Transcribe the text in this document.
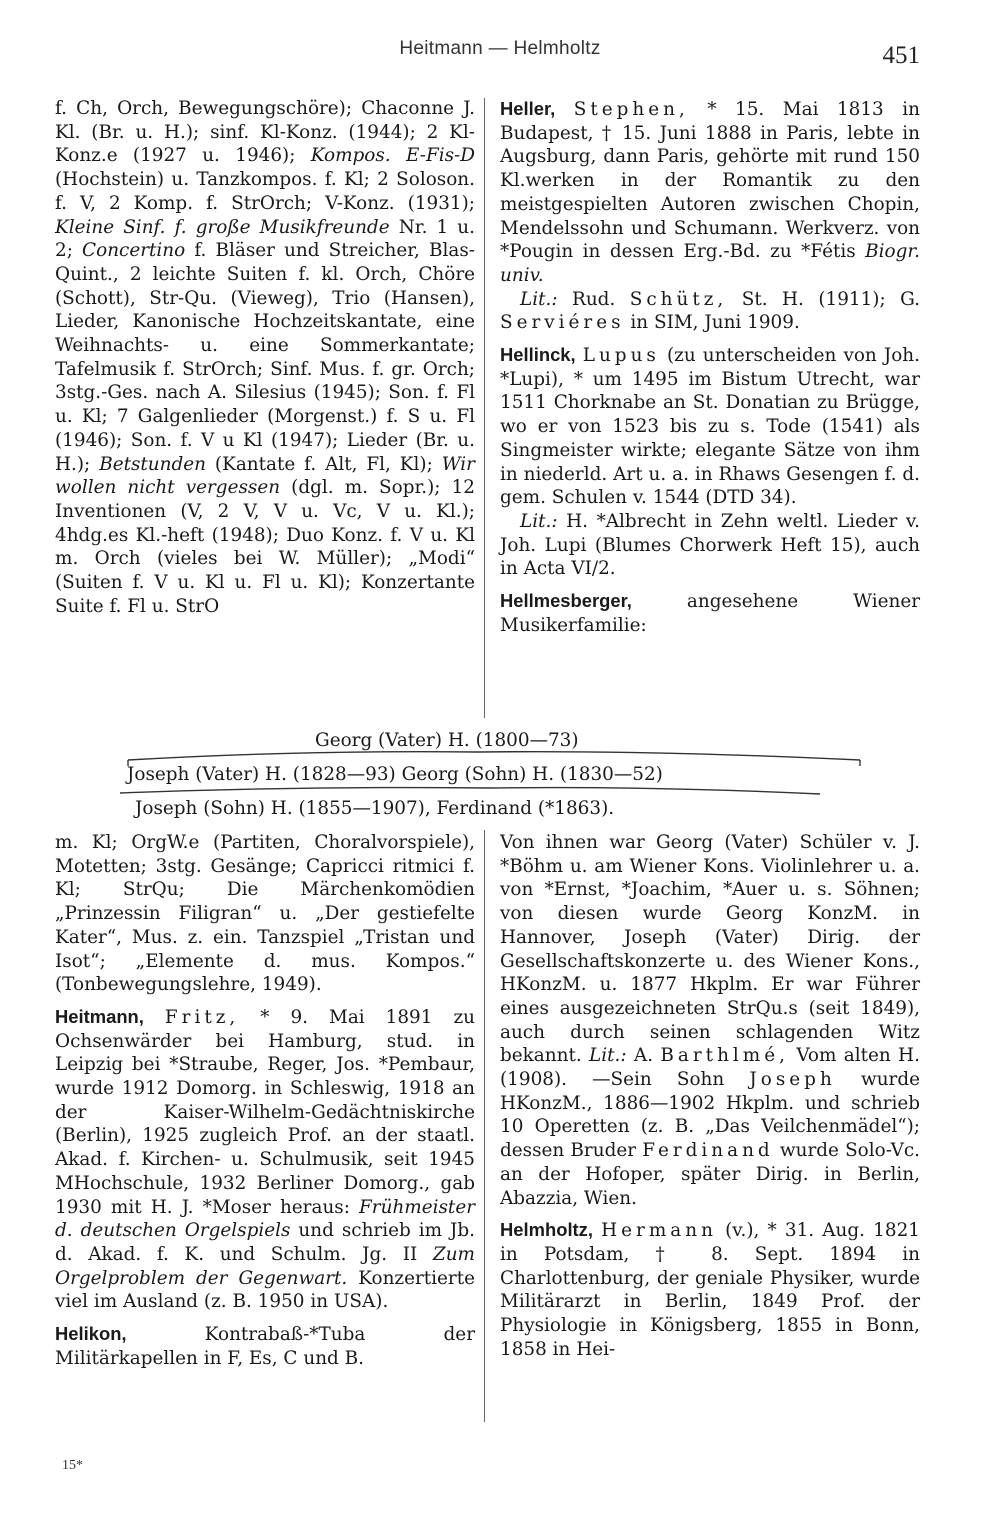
Heitmann — Helmholtz	451

f. Ch, Orch, Bewegungschöre); Chaconne J. Kl. (Br. u. H.); sinf. Kl-Konz. (1944); 2 Kl-Konz.e (1927 u. 1946); Kompos. E-Fis-D (Hochstein) u. Tanzkompos. f. Kl; 2 Soloson. f. V, 2 Komp. f. StrOrch; V-Konz. (1931); Kleine Sinf. f. große Musikfreunde Nr. 1 u. 2; Concertino f. Bläser und Streicher, Blas-Quint., 2 leichte Suiten f. kl. Orch, Chöre (Schott), Str-Qu. (Vieweg), Trio (Hansen), Lieder, Kanonische Hochzeitskantate, eine Weihnachts- u. eine Sommerkantate; Tafelmusik f. StrOrch; Sinf. Mus. f. gr. Orch; 3stg.-Ges. nach A. Silesius (1945); Son. f. Fl u. Kl; 7 Galgenlieder (Morgenst.) f. S u. Fl (1946); Son. f. V u Kl (1947); Lieder (Br. u. H.); Betstunden (Kantate f. Alt, Fl, Kl); Wir wollen nicht vergessen (dgl. m. Sopr.); 12 Inventionen (V, 2 V, V u. Vc, V u. Kl.); 4hdg.es Kl.-heft (1948); Duo Konz. f. V u. Kl m. Orch (vieles bei W. Müller); „Modi“ (Suiten f. V u. Kl u. Fl u. Kl); Konzertante Suite f. Fl u. StrO

Heller, Stephen, * 15. Mai 1813 in Budapest, † 15. Juni 1888 in Paris, lebte in Augsburg, dann Paris, gehörte mit rund 150 Kl.werken in der Romantik zu den meistgespielten Autoren zwischen Chopin, Mendelssohn und Schumann. Werkverz. von *Pougin in dessen Erg.-Bd. zu *Fétis Biogr. univ.

Lit.: Rud. Schütz, St. H. (1911); G. Serviéres in SIM, Juni 1909.

Hellinck, Lupus (zu unterscheiden von Joh. *Lupi), * um 1495 im Bistum Utrecht, war 1511 Chorknabe an St. Donatian zu Brügge, wo er von 1523 bis zu s. Tode (1541) als Singmeister wirkte; elegante Sätze von ihm in niederld. Art u. a. in Rhaws Gesengen f. d. gem. Schulen v. 1544 (DTD 34).

Lit.: H. *Albrecht in Zehn weltl. Lieder v. Joh. Lupi (Blumes Chorwerk Heft 15), auch in Acta VI/2.

Hellmesberger,	angesehene Wiener Musikerfamilie:

Georg (Vater) H. (1800—73)
Joseph (Vater) H. (1828—93) Georg (Sohn) H. (1830—52)
Joseph (Sohn) H. (1855—1907), Ferdinand (*1863).

m. Kl; OrgW.e (Partiten, Choralvorspiele), Motetten; 3stg. Gesänge; Capricci ritmici f. Kl; StrQu; Die Märchenkomödien „Prinzessin Filigran“ u. „Der gestiefelte Kater“, Mus. z. ein. Tanzspiel „Tristan und Isot“; „Elemente d. mus. Kompos.“ (Tonbewegungslehre, 1949).

Heitmann, Fritz, * 9. Mai 1891 zu Ochsenwärder bei Hamburg, stud. in Leipzig bei *Straube, Reger, Jos. *Pembaur, wurde 1912 Domorg. in Schleswig, 1918 an der Kaiser-Wilhelm-Gedächtniskirche (Berlin), 1925 zugleich Prof. an der staatl. Akad. f. Kirchen- u. Schulmusik, seit 1945 MHochschule, 1932 Berliner Domorg., gab 1930 mit H. J. *Moser heraus: Frühmeister d. deutschen Orgelspiels und schrieb im Jb. d. Akad. f. K. und Schulm. Jg. II Zum Orgelproblem der Gegenwart. Konzertierte viel im Ausland (z. B. 1950 in USA).

Helikon,	Kontrabaß-*Tuba der Militärkapellen in F, Es, C und B.

Von ihnen war Georg (Vater) Schüler v. J. *Böhm u. am Wiener Kons. Violinlehrer u. a. von *Ernst, *Joachim, *Auer u. s. Söhnen; von diesen wurde Georg KonzM. in Hannover, Joseph (Vater) Dirig. der Gesellschaftskonzerte u. des Wiener Kons., HKonzM. u. 1877 Hkplm. Er war Führer eines ausgezeichneten StrQu.s (seit 1849), auch durch seinen schlagenden Witz bekannt. Lit.: A. Barthlmé, Vom alten H. (1908). —Sein Sohn Joseph wurde HKonzM., 1886—1902 Hkplm. und schrieb 10 Operetten (z. B. „Das Veilchenmädel“); dessen Bruder Ferdinand wurde Solo-Vc. an der Hofoper, später Dirig. in Berlin, Abazzia, Wien.

Helmholtz, Hermann (v.), * 31. Aug. 1821 in Potsdam, † 8. Sept. 1894 in Charlottenburg, der geniale Physiker, wurde Militärarzt in Berlin, 1849 Prof. der Physiologie in Königsberg, 1855 in Bonn, 1858 in Hei-

15*
